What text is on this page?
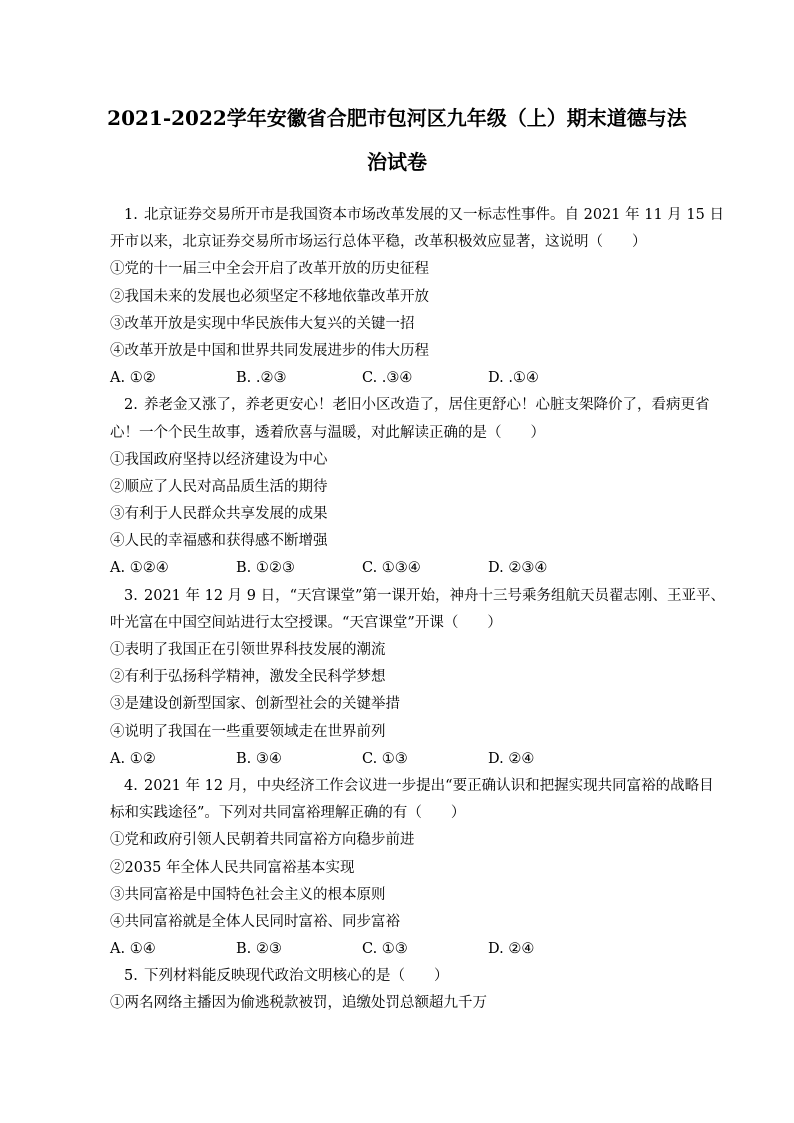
2021-2022学年安徽省合肥市包河区九年级（上）期末道德与法
治试卷
1. 北京证券交易所开市是我国资本市场改革发展的又一标志性事件。自 2021 年 11 月 15 日
开市以来，北京证券交易所市场运行总体平稳，改革积极效应显著，这说明（　　）
①党的十一届三中全会开启了改革开放的历史征程
②我国未来的发展也必须坚定不移地依靠改革开放
③改革开放是实现中华民族伟大复兴的关键一招
④改革开放是中国和世界共同发展进步的伟大历程
A. ①②	B. .②③	C. .③④	D. .①④
2. 养老金又涨了，养老更安心！老旧小区改造了，居住更舒心！心脏支架降价了，看病更省
心！一个个民生故事，透着欣喜与温暖，对此解读正确的是（　　）
①我国政府坚持以经济建设为中心
②顺应了人民对高品质生活的期待
③有利于人民群众共享发展的成果
④人民的幸福感和获得感不断增强
A. ①②④	B. ①②③	C. ①③④	D. ②③④
3. 2021 年 12 月 9 日，“天宫课堂”第一课开始，神舟十三号乘务组航天员翟志刚、王亚平、
叶光富在中国空间站进行太空授课。“天宫课堂”开课（　　）
①表明了我国正在引领世界科技发展的潮流
②有利于弘扬科学精神，激发全民科学梦想
③是建设创新型国家、创新型社会的关键举措
④说明了我国在一些重要领域走在世界前列
A. ①②	B. ③④	C. ①③	D. ②④
4. 2021 年 12 月，中央经济工作会议进一步提出“要正确认识和把握实现共同富裕的战略目
标和实践途径”。下列对共同富裕理解正确的有（　　）
①党和政府引领人民朝着共同富裕方向稳步前进
②2035 年全体人民共同富裕基本实现
③共同富裕是中国特色社会主义的根本原则
④共同富裕就是全体人民同时富裕、同步富裕
A. ①④	B. ②③	C. ①③	D. ②④
5. 下列材料能反映现代政治文明核心的是（　　）
①两名网络主播因为偷逃税款被罚，追缴处罚总额超九千万
